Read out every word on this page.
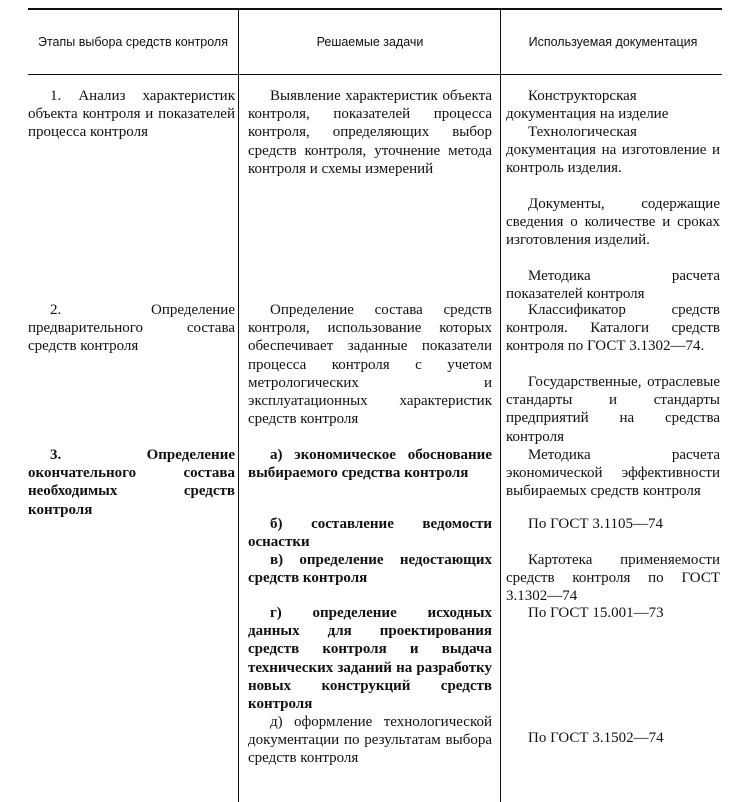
Этапы выбора средств контроля	Решаемые задачи	Используемая документация
1. Анализ характеристик объекта контроля и показателей процесса контроля
2. Определение предварительного состава средств контроля
3. Определение окончательного состава необходимых средств контроля
Выявление характеристик объекта контроля, показателей процесса контроля, определяющих выбор средств контроля, уточнение метода контроля и схемы измерений
Определение состава средств контроля, использование которых обеспечивает заданные показатели процесса контроля с учетом метрологических и эксплуатационных характеристик средств контроля
а) экономическое обоснование выбираемого средства контроля
б) составление ведомости оснастки
в) определение недостающих средств контроля
г) определение исходных данных для проектирования средств контроля и выдача технических заданий на разработку новых конструкций средств контроля
д) оформление технологической документации по результатам выбора средств контроля
Конструкторская документация на изделие
Технологическая документация на изготовление и контроль изделия.
Документы, содержащие сведения о количестве и сроках изготовления изделий.
Методика расчета показателей контроля
Классификатор средств контроля. Каталоги средств контроля по ГОСТ 3.1302—74.
Государственные, отраслевые стандарты и стандарты предприятий на средства контроля
Методика расчета экономической эффективности выбираемых средств контроля
По ГОСТ 3.1105—74
Картотека применяемости средств контроля по ГОСТ 3.1302—74
По ГОСТ 15.001—73
По ГОСТ 3.1502—74
